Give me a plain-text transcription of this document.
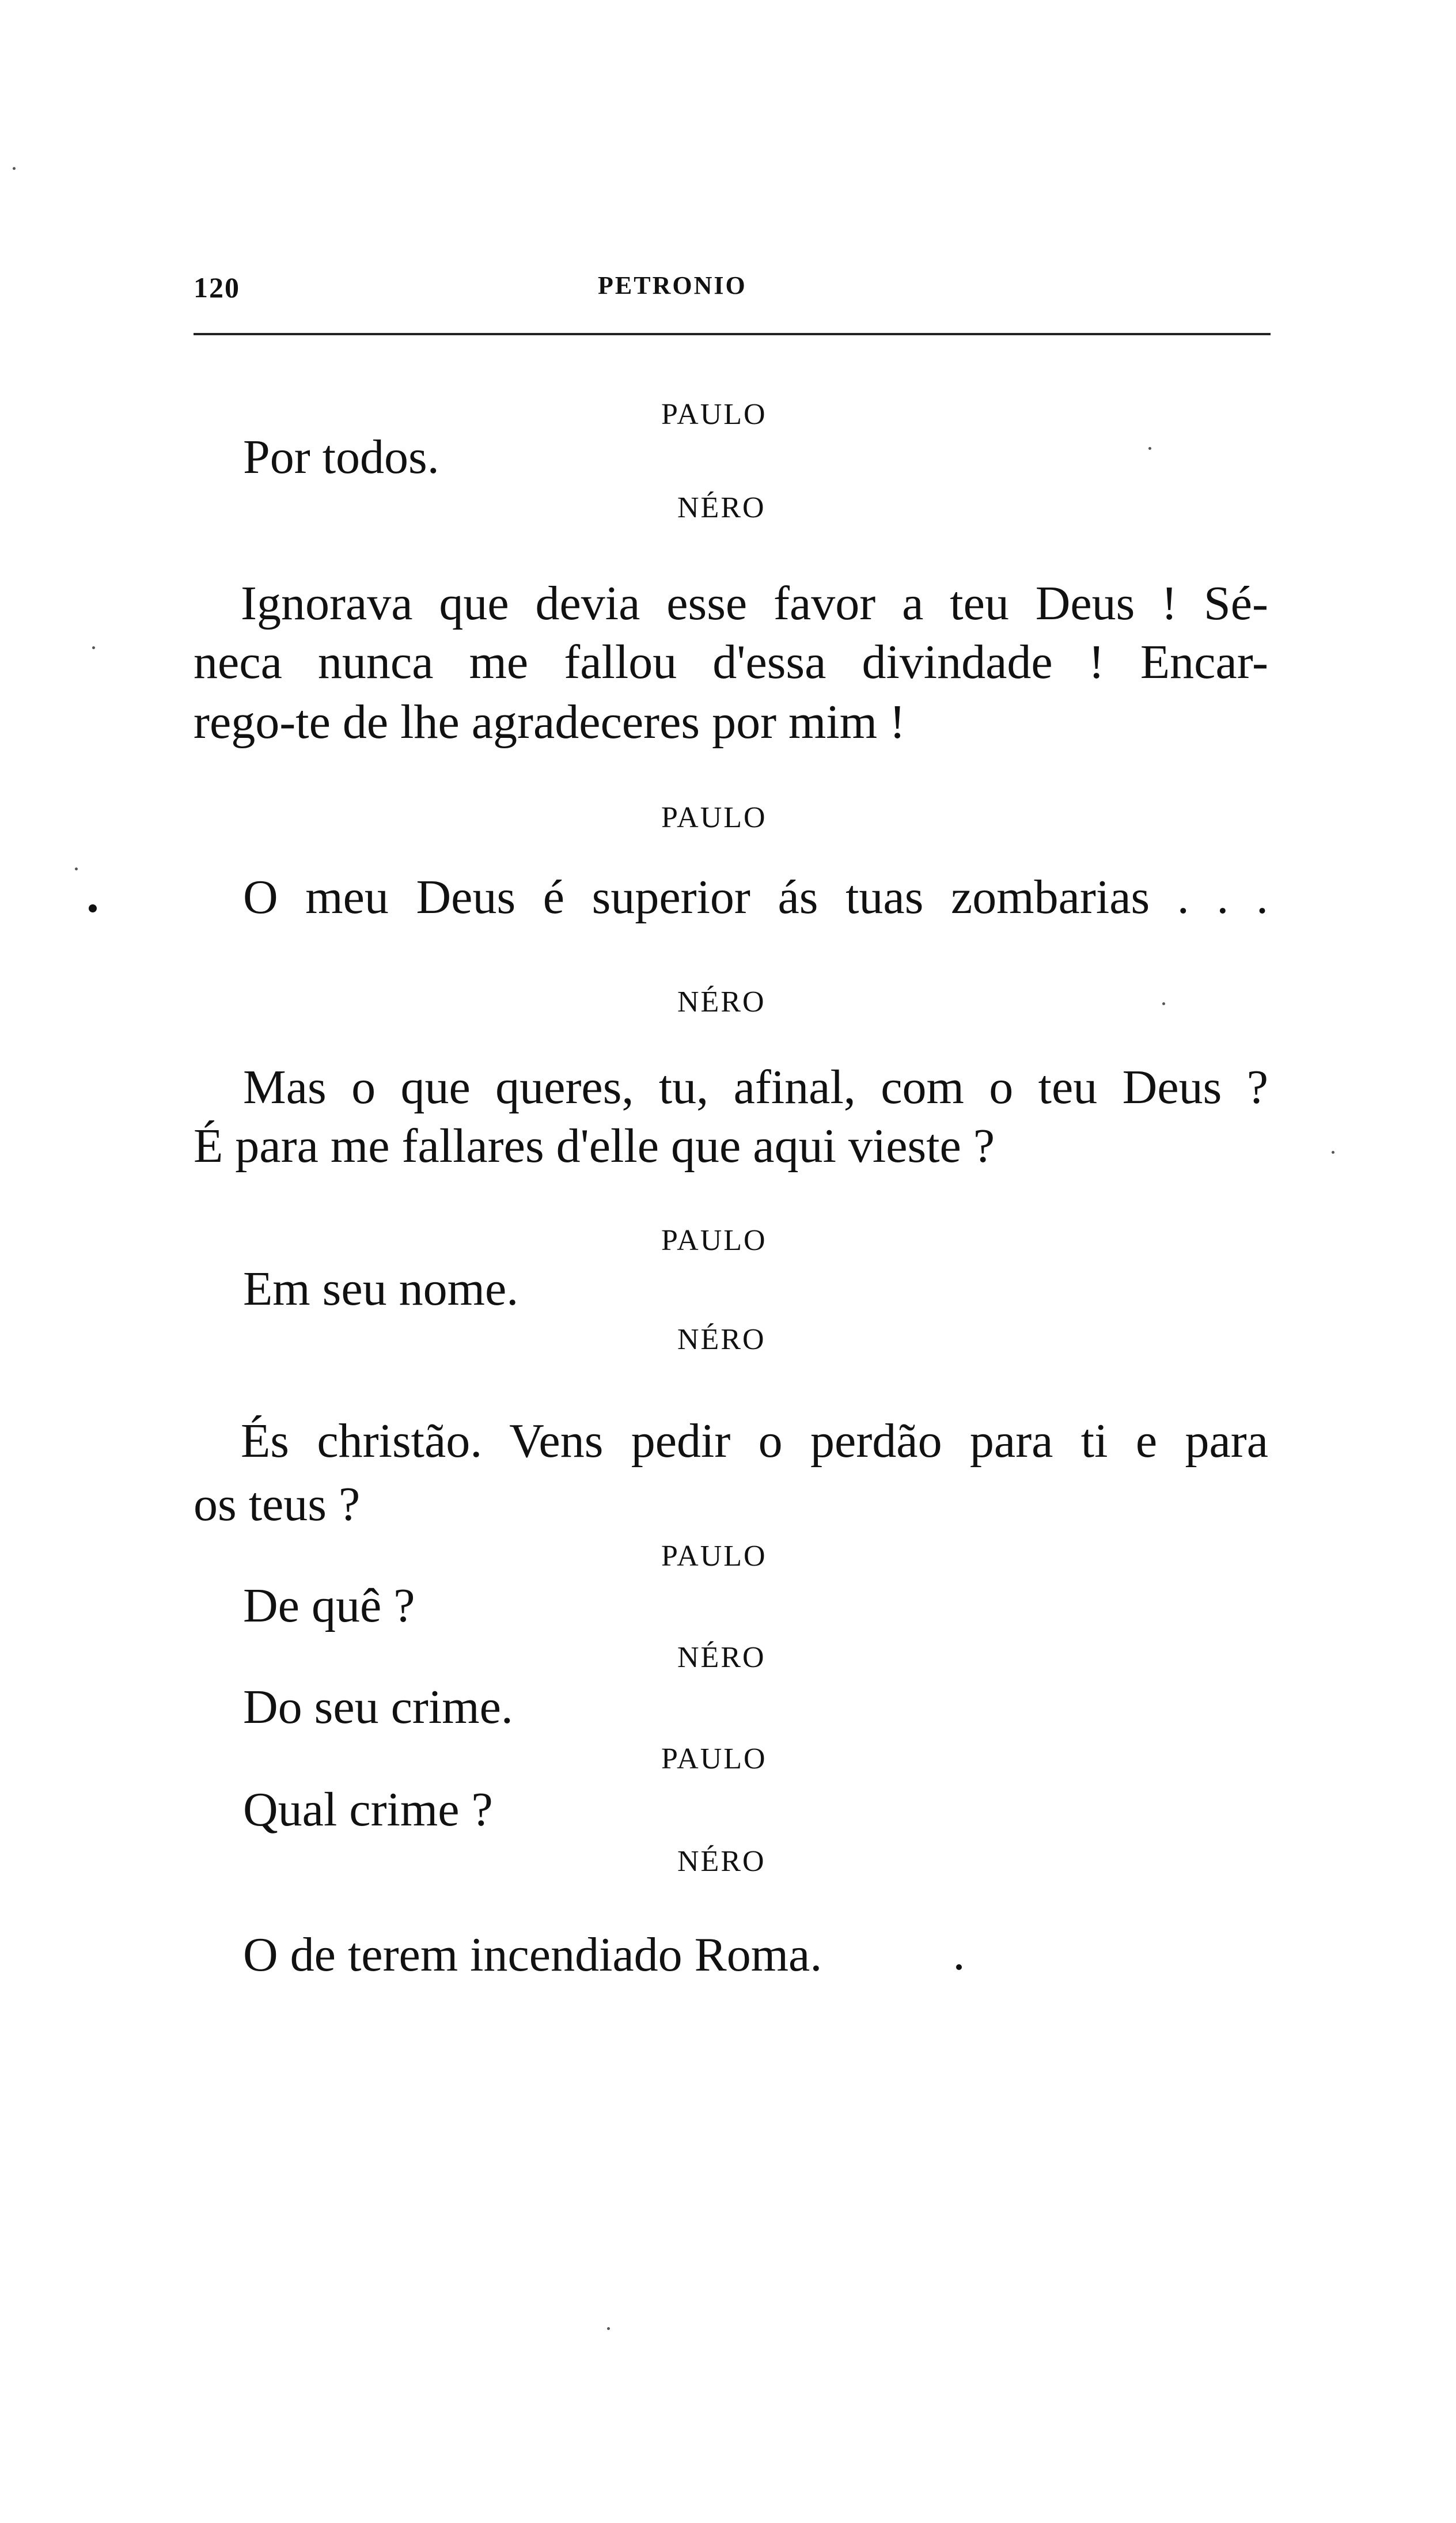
120	PETRONIO
PAULO
Por todos.
NÉRO
Ignorava que devia esse favor a teu Deus ! Sé-
neca nunca me fallou d'essa divindade ! Encar-
rego-te de lhe agradeceres por mim !
PAULO
O meu Deus é superior ás tuas zombarias . . .
NÉRO
Mas o que queres, tu, afinal, com o teu Deus ?
É para me fallares d'elle que aqui vieste ?
PAULO
Em seu nome.
NÉRO
És christão. Vens pedir o perdão para ti e para
os teus ?
PAULO
De quê ?
NÉRO
Do seu crime.
PAULO
Qual crime ?
NÉRO
O de terem incendiado Roma.
